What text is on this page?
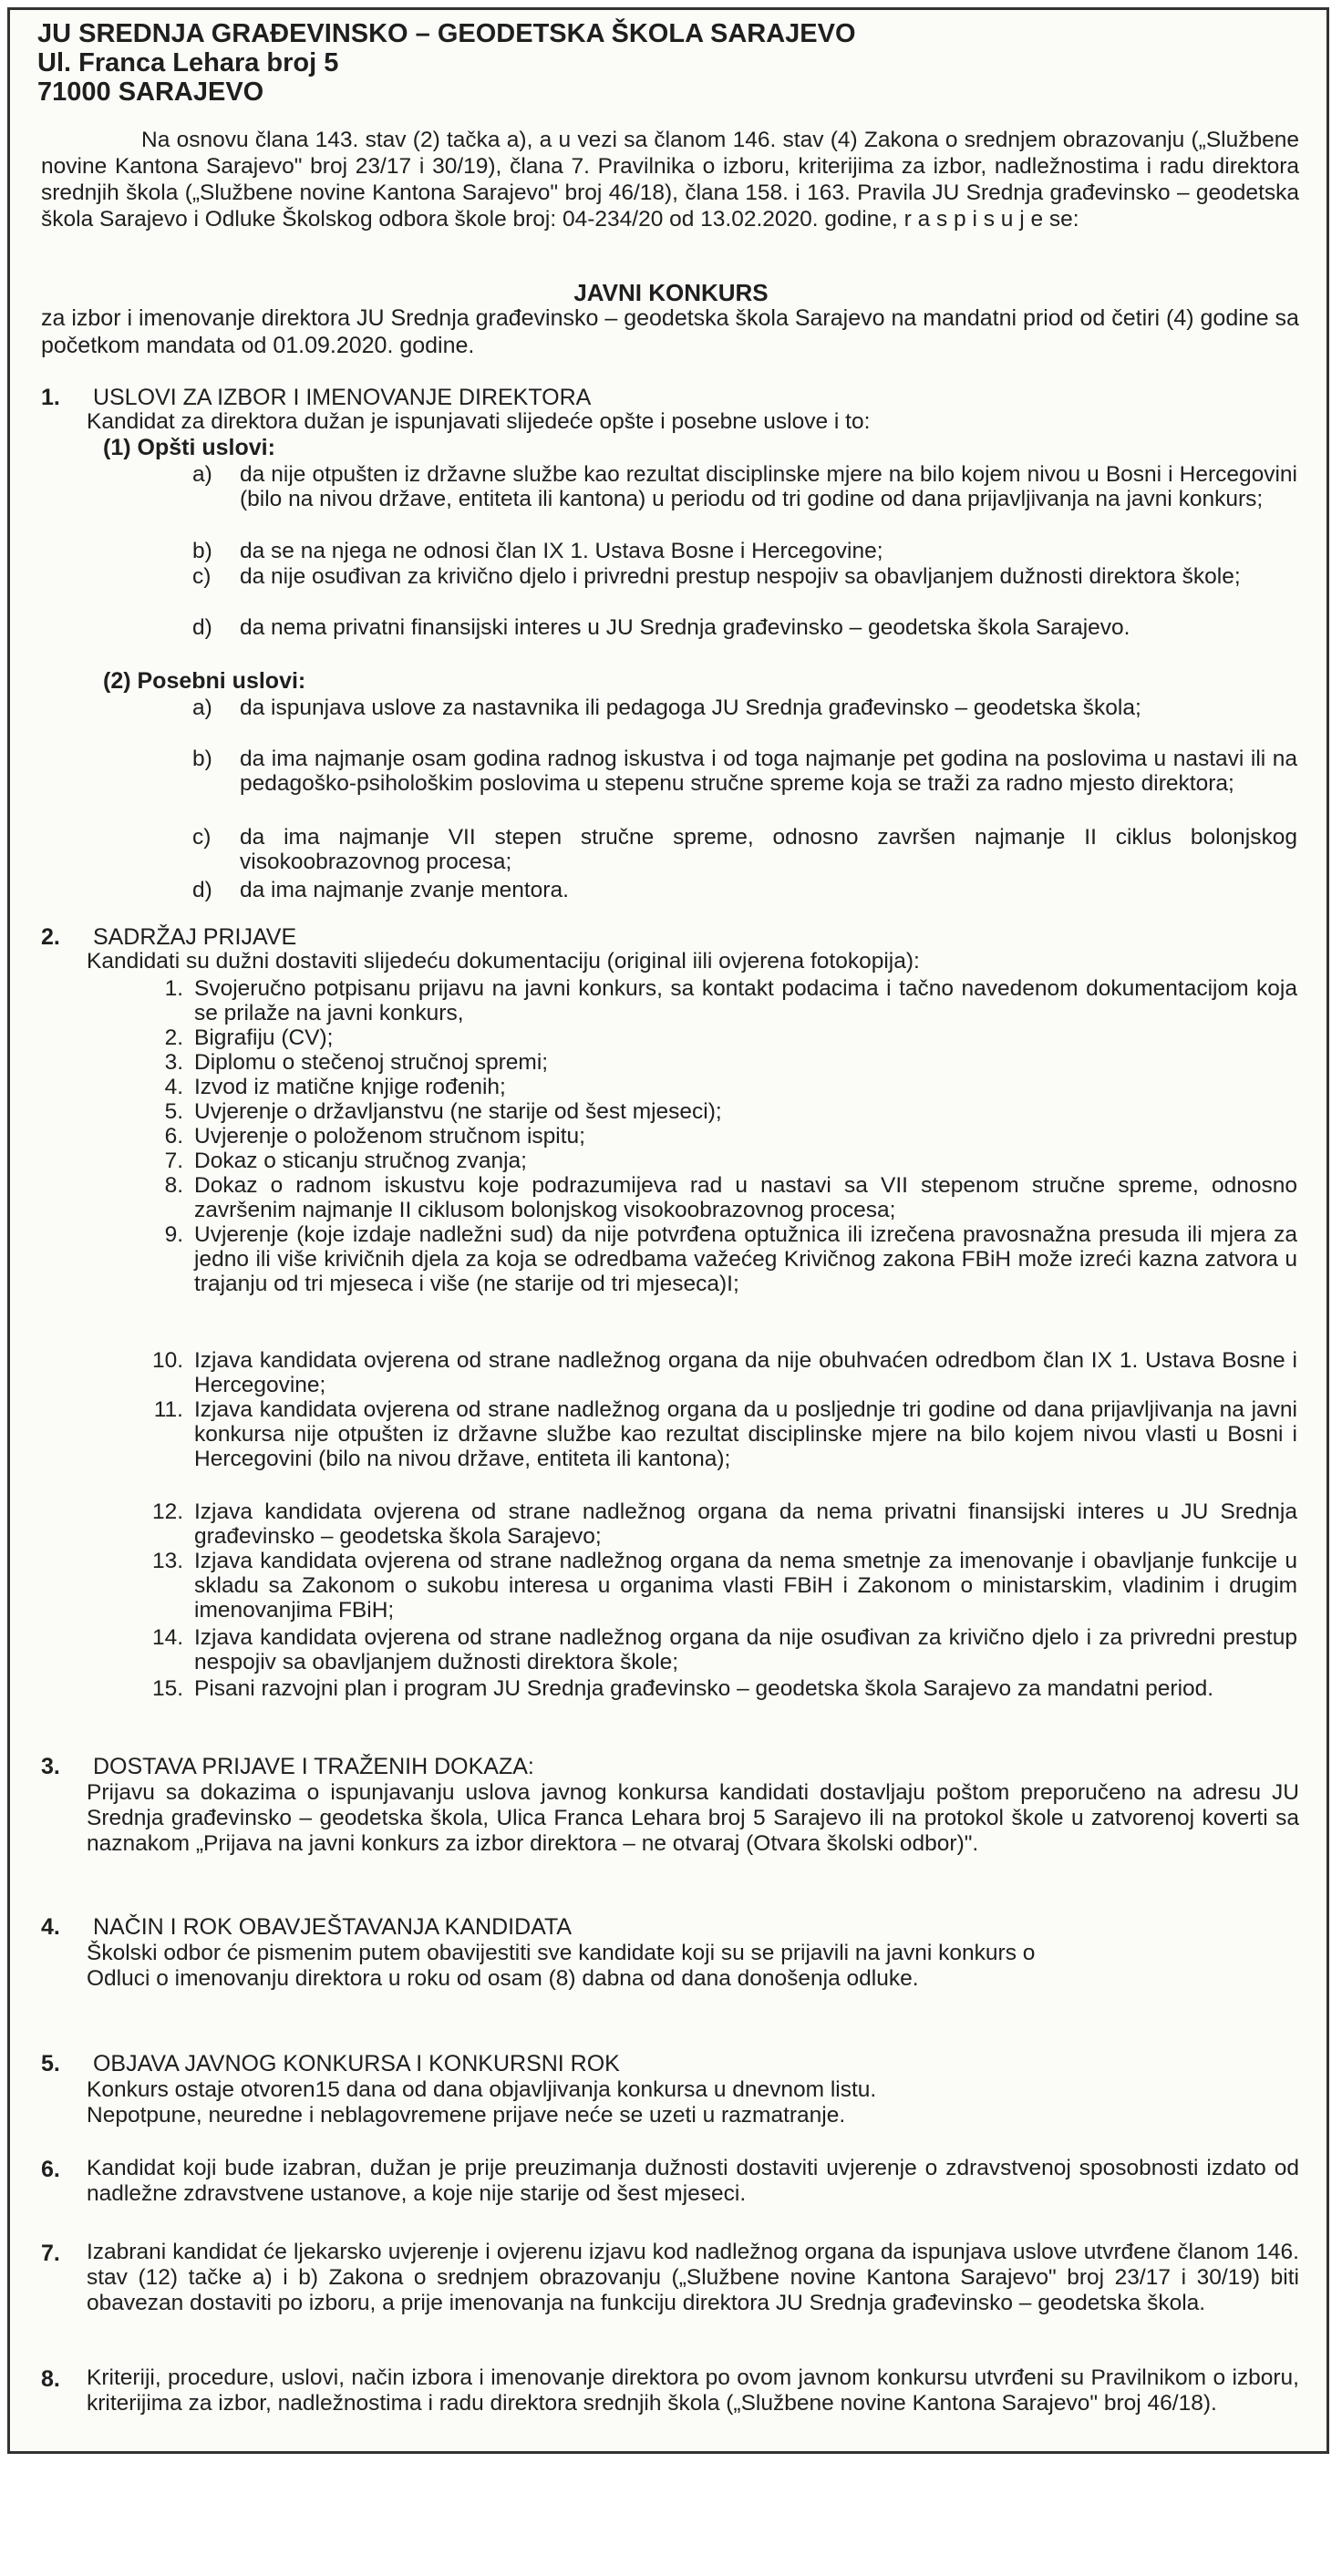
JU SREDNJA GRAĐEVINSKO – GEODETSKA ŠKOLA SARAJEVO
Ul. Franca Lehara broj 5
71000 SARAJEVO
Na osnovu člana 143. stav (2) tačka a), a u vezi sa članom 146. stav (4) Zakona o srednjem obrazovanju („Službene novine Kantona Sarajevo" broj 23/17 i 30/19), člana 7. Pravilnika o izboru, kriterijima za izbor, nadležnostima i radu direktora srednjih škola („Službene novine Kantona Sarajevo" broj 46/18), člana 158. i 163. Pravila JU Srednja građevinsko – geodetska škola Sarajevo i Odluke Školskog odbora škole broj: 04-234/20 od 13.02.2020. godine, r a s p i s u j e se:
JAVNI KONKURS
za izbor i imenovanje direktora JU Srednja građevinsko – geodetska škola Sarajevo na mandatni priod od četiri (4) godine sa početkom mandata od 01.09.2020. godine.
1. USLOVI ZA IZBOR I IMENOVANJE DIREKTORA
Kandidat za direktora dužan je ispunjavati slijedeće opšte i posebne uslove i to:
(1) Opšti uslovi:
a) da nije otpušten iz državne službe kao rezultat disciplinske mjere na bilo kojem nivou u Bosni i Hercegovini (bilo na nivou države, entiteta ili kantona) u periodu od tri godine od dana prijavljivanja na javni konkurs;
b) da se na njega ne odnosi član IX 1. Ustava Bosne i Hercegovine;
c) da nije osuđivan za krivično djelo i privredni prestup nespojiv sa obavljanjem dužnosti direktora škole;
d) da nema privatni finansijski interes u JU Srednja građevinsko – geodetska škola Sarajevo.
(2) Posebni uslovi:
a) da ispunjava uslove za nastavnika ili pedagoga JU Srednja građevinsko – geodetska škola;
b) da ima najmanje osam godina radnog iskustva i od toga najmanje pet godina na poslovima u nastavi ili na pedagoško-psihološkim poslovima u stepenu stručne spreme koja se traži za radno mjesto direktora;
c) da ima najmanje VII stepen stručne spreme, odnosno završen najmanje II ciklus bolonjskog visokoobrazovnog procesa;
d) da ima najmanje zvanje mentora.
2. SADRŽAJ PRIJAVE
Kandidati su dužni dostaviti slijedeću dokumentaciju (original iili ovjerena fotokopija):
1. Svojeručno potpisanu prijavu na javni konkurs, sa kontakt podacima i tačno navedenom dokumentacijom koja se prilaže na javni konkurs,
2. Bigrafiju (CV);
3. Diplomu o stečenoj stručnoj spremi;
4. Izvod iz matične knjige rođenih;
5. Uvjerenje o državljanstvu (ne starije od šest mjeseci);
6. Uvjerenje o položenom stručnom ispitu;
7. Dokaz o sticanju stručnog zvanja;
8. Dokaz o radnom iskustvu koje podrazumijeva rad u nastavi sa VII stepenom stručne spreme, odnosno završenim najmanje II ciklusom bolonjskog visokoobrazovnog procesa;
9. Uvjerenje (koje izdaje nadležni sud) da nije potvrđena optužnica ili izrečena pravosnažna presuda ili mjera za jedno ili više krivičnih djela za koja se odredbama važećeg Krivičnog zakona FBiH može izreći kazna zatvora u trajanju od tri mjeseca i više (ne starije od tri mjeseca)I;
10. Izjava kandidata ovjerena od strane nadležnog organa da nije obuhvaćen odredbom član IX 1. Ustava Bosne i Hercegovine;
11. Izjava kandidata ovjerena od strane nadležnog organa da u posljednje tri godine od dana prijavljivanja na javni konkursa nije otpušten iz državne službe kao rezultat disciplinske mjere na bilo kojem nivou vlasti u Bosni i Hercegovini (bilo na nivou države, entiteta ili kantona);
12. Izjava kandidata ovjerena od strane nadležnog organa da nema privatni finansijski interes u JU Srednja građevinsko – geodetska škola Sarajevo;
13. Izjava kandidata ovjerena od strane nadležnog organa da nema smetnje za imenovanje i obavljanje funkcije u skladu sa Zakonom o sukobu interesa u organima vlasti FBiH i Zakonom o ministarskim, vladinim i drugim imenovanjima FBiH;
14. Izjava kandidata ovjerena od strane nadležnog organa da nije osuđivan za krivično djelo i za privredni prestup nespojiv sa obavljanjem dužnosti direktora škole;
15. Pisani razvojni plan i program JU Srednja građevinsko – geodetska škola Sarajevo za mandatni period.
3. DOSTAVA PRIJAVE I TRAŽENIH DOKAZA:
Prijavu sa dokazima o ispunjavanju uslova javnog konkursa kandidati dostavljaju poštom preporučeno na adresu JU Srednja građevinsko – geodetska škola, Ulica Franca Lehara broj 5 Sarajevo ili na protokol škole u zatvorenoj koverti sa naznakom „Prijava na javni konkurs za izbor direktora – ne otvaraj (Otvara školski odbor)".
4. NAČIN I ROK OBAVJEŠTAVANJA KANDIDATA
Školski odbor će pismenim putem obavijestiti sve kandidate koji su se prijavili na javni konkurs o Odluci o imenovanju direktora u roku od osam (8) dabna od dana donošenja odluke.
5. OBJAVA JAVNOG KONKURSA I KONKURSNI ROK
Konkurs ostaje otvoren15 dana od dana objavljivanja konkursa u dnevnom listu.
Nepotpune, neuredne i neblagovremene prijave neće se uzeti u razmatranje.
6.	Kandidat koji bude izabran, dužan je prije preuzimanja dužnosti dostaviti uvjerenje o zdravstvenoj sposobnosti izdato od nadležne zdravstvene ustanove, a koje nije starije od šest mjeseci.
7.	Izabrani kandidat će ljekarsko uvjerenje i ovjerenu izjavu kod nadležnog organa da ispunjava uslove utvrđene članom 146. stav (12) tačke a) i b) Zakona o srednjem obrazovanju („Službene novine Kantona Sarajevo" broj 23/17 i 30/19) biti obavezan dostaviti po izboru, a prije imenovanja na funkciju direktora JU Srednja građevinsko – geodetska škola.
8.	Kriteriji, procedure, uslovi, način izbora i imenovanje direktora po ovom javnom konkursu utvrđeni su Pravilnikom o izboru, kriterijima za izbor, nadležnostima i radu direktora srednjih škola („Službene novine Kantona Sarajevo" broj 46/18).
